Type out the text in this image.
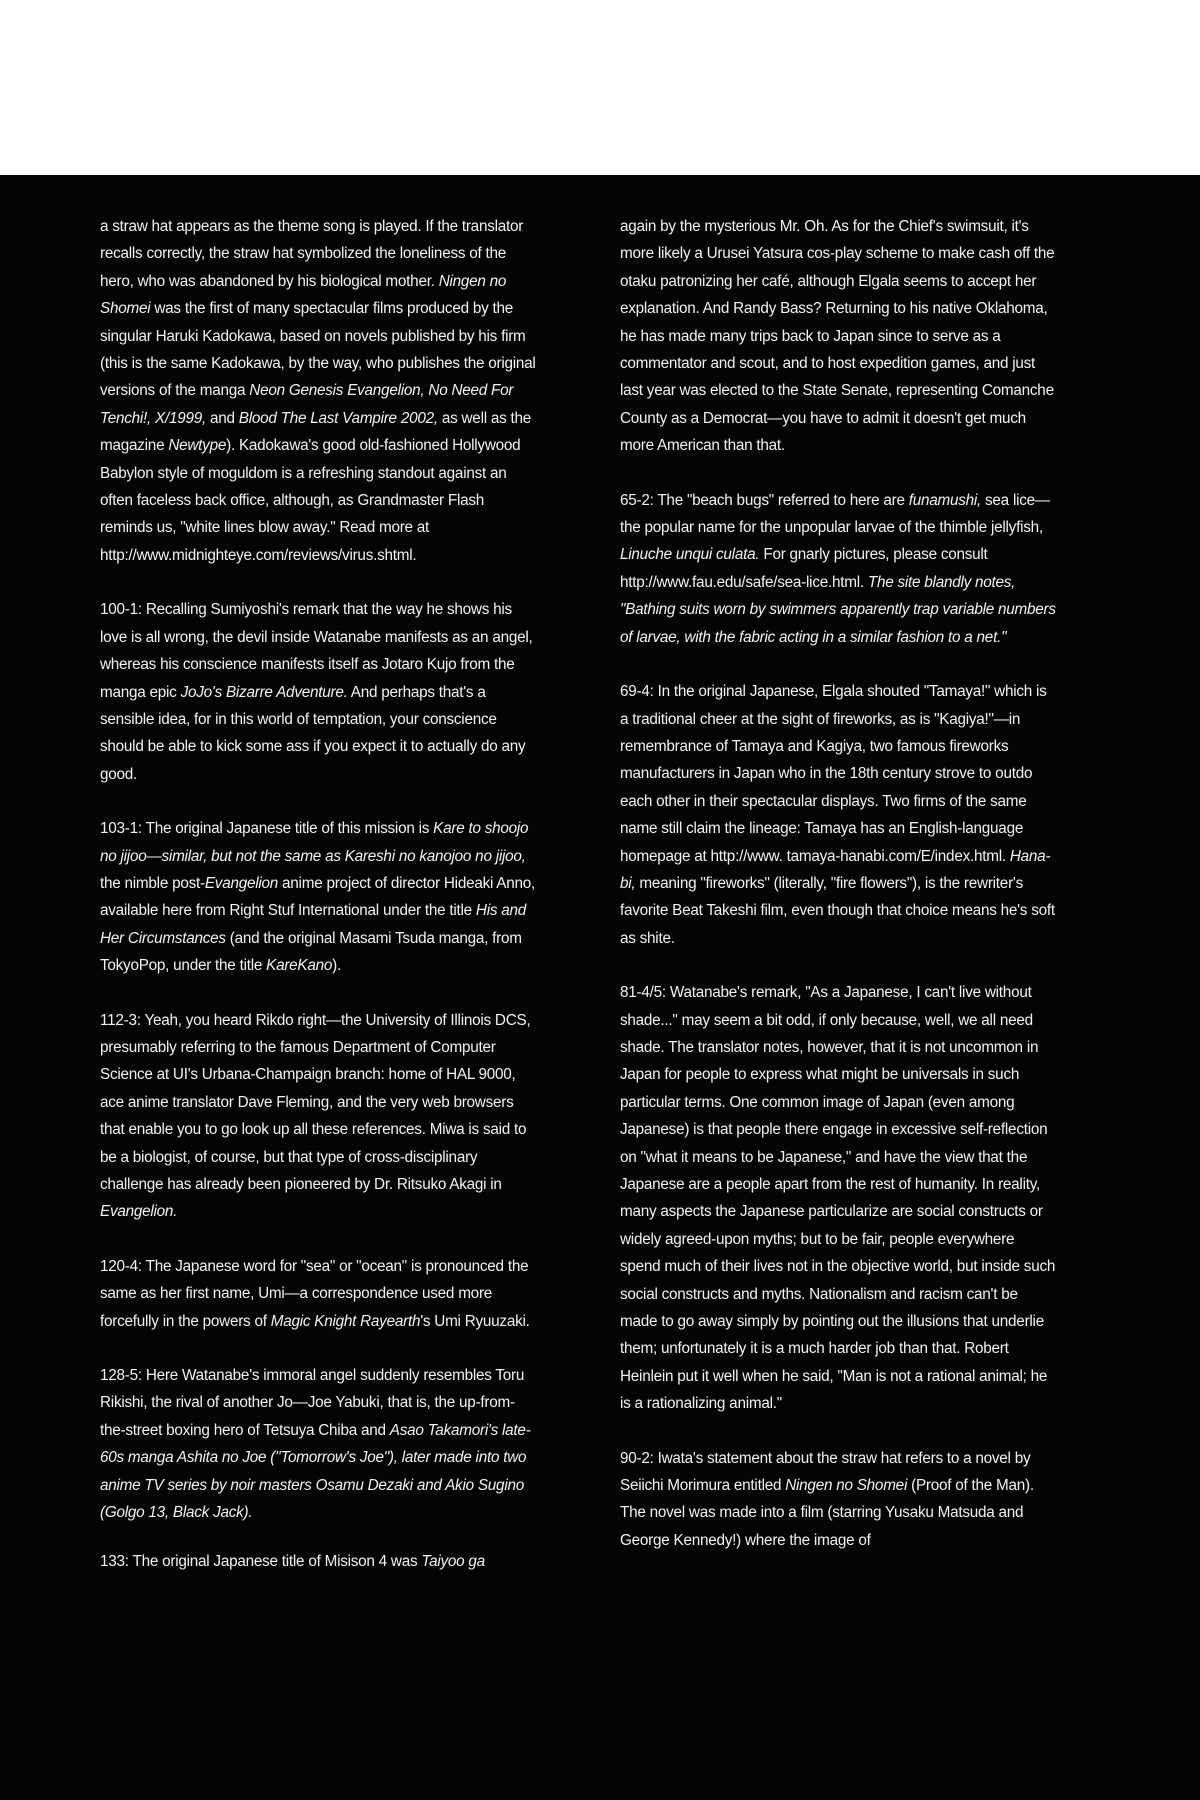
a straw hat appears as the theme song is played. If the translator recalls correctly, the straw hat symbolized the loneliness of the hero, who was abandoned by his biological mother. Ningen no Shomei was the first of many spectacular films produced by the singular Haruki Kadokawa, based on novels published by his firm (this is the same Kadokawa, by the way, who publishes the original versions of the manga Neon Genesis Evangelion, No Need For Tenchi!, X/1999, and Blood The Last Vampire 2002, as well as the magazine Newtype). Kadokawa's good old-fashioned Hollywood Babylon style of moguldom is a refreshing standout against an often faceless back office, although, as Grandmaster Flash reminds us, "white lines blow away." Read more at http://www.midnighteye.com/reviews/virus.shtml.

100-1: Recalling Sumiyoshi's remark that the way he shows his love is all wrong, the devil inside Watanabe manifests as an angel, whereas his conscience manifests itself as Jotaro Kujo from the manga epic JoJo's Bizarre Adventure. And perhaps that's a sensible idea, for in this world of temptation, your conscience should be able to kick some ass if you expect it to actually do any good.

103-1: The original Japanese title of this mission is Kare to shoojo no jijoo—similar, but not the same as Kareshi no kanojoo no jijoo, the nimble post-Evangelion anime project of director Hideaki Anno, available here from Right Stuf International under the title His and Her Circumstances (and the original Masami Tsuda manga, from TokyoPop, under the title KareKano).

112-3: Yeah, you heard Rikdo right—the University of Illinois DCS, presumably referring to the famous Department of Computer Science at UI's Urbana-Champaign branch: home of HAL 9000, ace anime translator Dave Fleming, and the very web browsers that enable you to go look up all these references. Miwa is said to be a biologist, of course, but that type of cross-disciplinary challenge has already been pioneered by Dr. Ritsuko Akagi in Evangelion.

120-4: The Japanese word for "sea" or "ocean" is pronounced the same as her first name, Umi—a correspondence used more forcefully in the powers of Magic Knight Rayearth's Umi Ryuuzaki.

128-5: Here Watanabe's immoral angel suddenly resembles Toru Rikishi, the rival of another Jo—Joe Yabuki, that is, the up-from-the-street boxing hero of Tetsuya Chiba and Asao Takamori's late-60s manga Ashita no Joe ("Tomorrow's Joe"), later made into two anime TV series by noir masters Osamu Dezaki and Akio Sugino (Golgo 13, Black Jack).

133: The original Japanese title of Misison 4 was Taiyoo ga

again by the mysterious Mr. Oh. As for the Chief's swimsuit, it's more likely a Urusei Yatsura cos-play scheme to make cash off the otaku patronizing her café, although Elgala seems to accept her explanation. And Randy Bass? Returning to his native Oklahoma, he has made many trips back to Japan since to serve as a commentator and scout, and to host expedition games, and just last year was elected to the State Senate, representing Comanche County as a Democrat—you have to admit it doesn't get much more American than that.

65-2: The "beach bugs" referred to here are funamushi, sea lice—the popular name for the unpopular larvae of the thimble jellyfish, Linuche unqui culata. For gnarly pictures, please consult http://www.fau.edu/safe/sea-lice.html. The site blandly notes, "Bathing suits worn by swimmers apparently trap variable numbers of larvae, with the fabric acting in a similar fashion to a net."

69-4: In the original Japanese, Elgala shouted "Tamaya!" which is a traditional cheer at the sight of fireworks, as is "Kagiya!"—in remembrance of Tamaya and Kagiya, two famous fireworks manufacturers in Japan who in the 18th century strove to outdo each other in their spectacular displays. Two firms of the same name still claim the lineage: Tamaya has an English-language homepage at http://www. tamaya-hanabi.com/E/index.html. Hana-bi, meaning "fireworks" (literally, "fire flowers"), is the rewriter's favorite Beat Takeshi film, even though that choice means he's soft as shite.

81-4/5: Watanabe's remark, "As a Japanese, I can't live without shade..." may seem a bit odd, if only because, well, we all need shade. The translator notes, however, that it is not uncommon in Japan for people to express what might be universals in such particular terms. One common image of Japan (even among Japanese) is that people there engage in excessive self-reflection on "what it means to be Japanese," and have the view that the Japanese are a people apart from the rest of humanity. In reality, many aspects the Japanese particularize are social constructs or widely agreed-upon myths; but to be fair, people everywhere spend much of their lives not in the objective world, but inside such social constructs and myths. Nationalism and racism can't be made to go away simply by pointing out the illusions that underlie them; unfortunately it is a much harder job than that. Robert Heinlein put it well when he said, "Man is not a rational animal; he is a rationalizing animal."

90-2: Iwata's statement about the straw hat refers to a novel by Seiichi Morimura entitled Ningen no Shomei (Proof of the Man). The novel was made into a film (starring Yusaku Matsuda and George Kennedy!) where the image of
